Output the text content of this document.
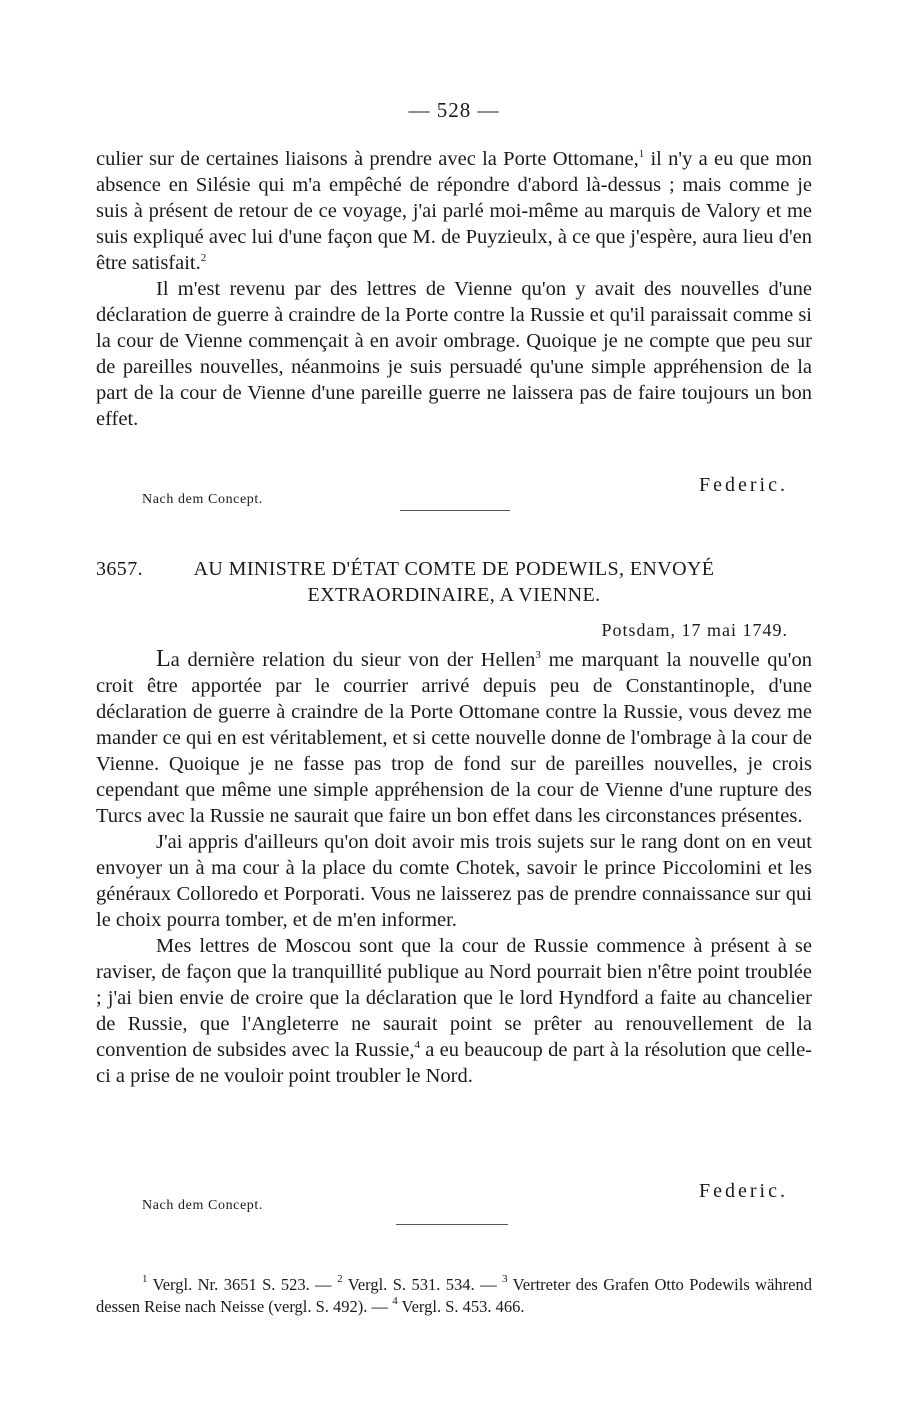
— 528 —

culier sur de certaines liaisons à prendre avec la Porte Ottomane,$^1$ il n'y a eu que mon absence en Silésie qui m'a empêché de répondre d'abord là-dessus ; mais comme je suis à présent de retour de ce voyage, j'ai parlé moi-même au marquis de Valory et me suis expliqué avec lui d'une façon que M. de Puyzieulx, à ce que j'espère, aura lieu d'en être satisfait.$^2$

Il m'est revenu par des lettres de Vienne qu'on y avait des nouvelles d'une déclaration de guerre à craindre de la Porte contre la Russie et qu'il paraissait comme si la cour de Vienne commençait à en avoir ombrage. Quoique je ne compte que peu sur de pareilles nouvelles, néanmoins je suis persuadé qu'une simple appréhension de la part de la cour de Vienne d'une pareille guerre ne laissera pas de faire toujours un bon effet.

Federic.
Nach dem Concept.
3657.	AU MINISTRE D'ÉTAT COMTE DE PODEWILS, ENVOYÉ
EXTRAORDINAIRE, A VIENNE.
Potsdam, 17 mai 1749.

La dernière relation du sieur von der Hellen$^3$ me marquant la nouvelle qu'on croit être apportée par le courrier arrivé depuis peu de Constantinople, d'une déclaration de guerre à craindre de la Porte Ottomane contre la Russie, vous devez me mander ce qui en est véritablement, et si cette nouvelle donne de l'ombrage à la cour de Vienne. Quoique je ne fasse pas trop de fond sur de pareilles nouvelles, je crois cependant que même une simple appréhension de la cour de Vienne d'une rupture des Turcs avec la Russie ne saurait que faire un bon effet dans les circonstances présentes.

J'ai appris d'ailleurs qu'on doit avoir mis trois sujets sur le rang dont on en veut envoyer un à ma cour à la place du comte Chotek, savoir le prince Piccolomini et les généraux Colloredo et Porporati. Vous ne laisserez pas de prendre connaissance sur qui le choix pourra tomber, et de m'en informer.

Mes lettres de Moscou sont que la cour de Russie commence à présent à se raviser, de façon que la tranquillité publique au Nord pourrait bien n'être point troublée ; j'ai bien envie de croire que la déclaration que le lord Hyndford a faite au chancelier de Russie, que l'Angleterre ne saurait point se prêter au renouvellement de la convention de subsides avec la Russie,$^4$ a eu beaucoup de part à la résolution que celle-ci a prise de ne vouloir point troubler le Nord.

Federic.
Nach dem Concept.
$^1$ Vergl. Nr. 3651 S. 523. — $^2$ Vergl. S. 531. 534. — $^3$ Vertreter des Grafen Otto Podewils während dessen Reise nach Neisse (vergl. S. 492). — $^4$ Vergl. S. 453. 466.
